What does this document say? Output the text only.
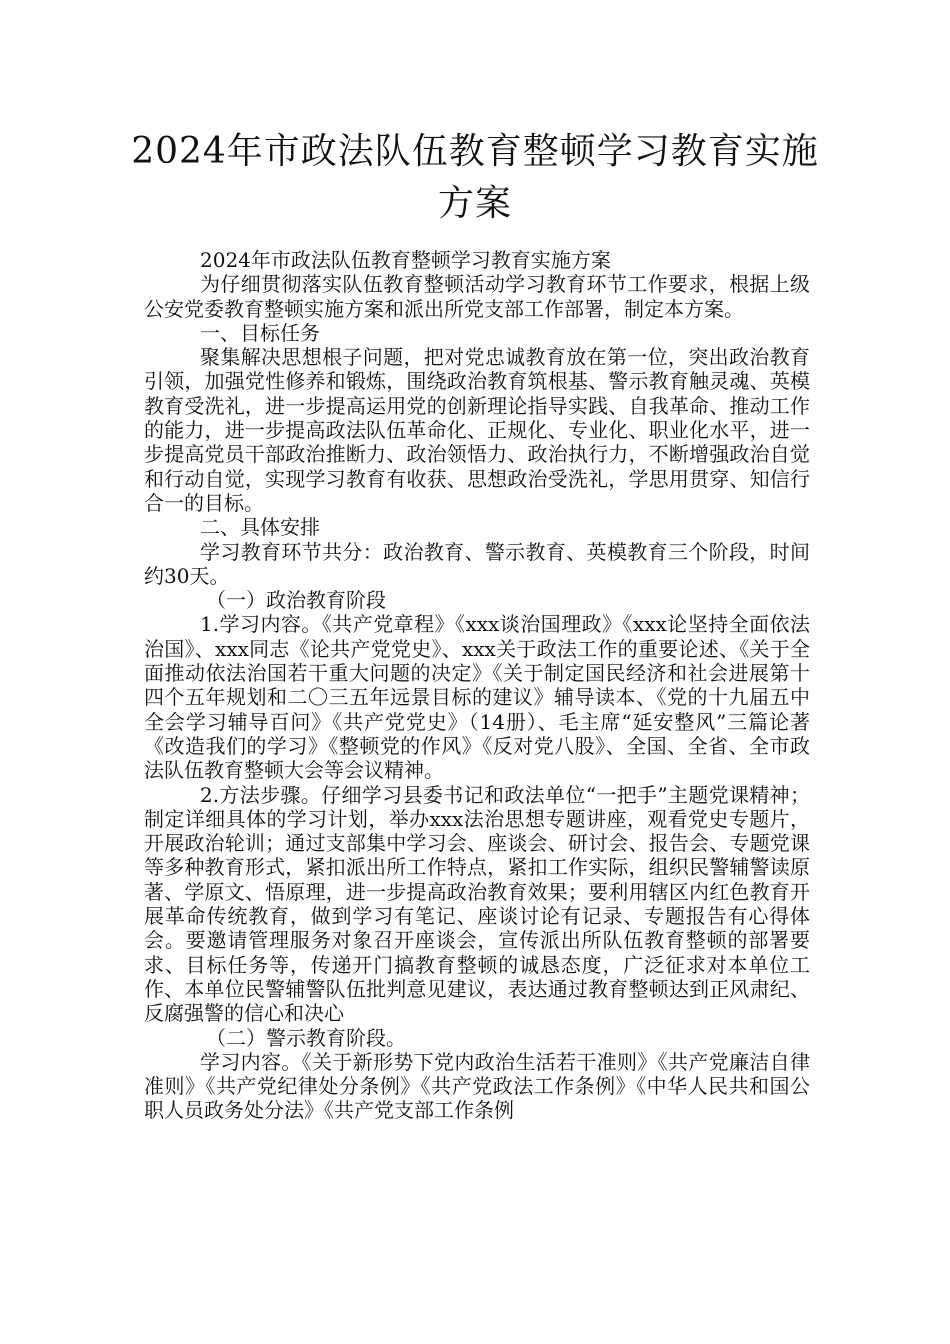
2024年市政法队伍教育整顿学习教育实施方案

2024年市政法队伍教育整顿学习教育实施方案

为仔细贯彻落实队伍教育整顿活动学习教育环节工作要求，根据上级公安党委教育整顿实施方案和派出所党支部工作部署，制定本方案。

一、目标任务

聚集解决思想根子问题，把对党忠诚教育放在第一位，突出政治教育引领，加强党性修养和锻炼，围绕政治教育筑根基、警示教育触灵魂、英模教育受洗礼，进一步提高运用党的创新理论指导实践、自我革命、推动工作的能力，进一步提高政法队伍革命化、正规化、专业化、职业化水平，进一步提高党员干部政治推断力、政治领悟力、政治执行力，不断增强政治自觉和行动自觉，实现学习教育有收获、思想政治受洗礼，学思用贯穿、知信行合一的目标。

二、具体安排

学习教育环节共分：政治教育、警示教育、英模教育三个阶段，时间约30天。

（一）政治教育阶段

1.学习内容。《共产党章程》《xxx谈治国理政》《xxx论坚持全面依法治国》、xxx同志《论共产党党史》、xxx关于政法工作的重要论述、《关于全面推动依法治国若干重大问题的决定》《关于制定国民经济和社会进展第十四个五年规划和二〇三五年远景目标的建议》辅导读本、《党的十九届五中全会学习辅导百问》《共产党党史》（14册）、毛主席“延安整风”三篇论著《改造我们的学习》《整顿党的作风》《反对党八股》、全国、全省、全市政法队伍教育整顿大会等会议精神。

2.方法步骤。仔细学习县委书记和政法单位“一把手”主题党课精神；制定详细具体的学习计划，举办xxx法治思想专题讲座，观看党史专题片，开展政治轮训；通过支部集中学习会、座谈会、研讨会、报告会、专题党课等多种教育形式，紧扣派出所工作特点，紧扣工作实际，组织民警辅警读原著、学原文、悟原理，进一步提高政治教育效果；要利用辖区内红色教育开展革命传统教育，做到学习有笔记、座谈讨论有记录、专题报告有心得体会。要邀请管理服务对象召开座谈会，宣传派出所队伍教育整顿的部署要求、目标任务等，传递开门搞教育整顿的诚恳态度，广泛征求对本单位工作、本单位民警辅警队伍批判意见建议，表达通过教育整顿达到正风肃纪、反腐强警的信心和决心

（二）警示教育阶段。

学习内容。《关于新形势下党内政治生活若干准则》《共产党廉洁自律准则》《共产党纪律处分条例》《共产党政法工作条例》《中华人民共和国公职人员政务处分法》《共产党支部工作条例
